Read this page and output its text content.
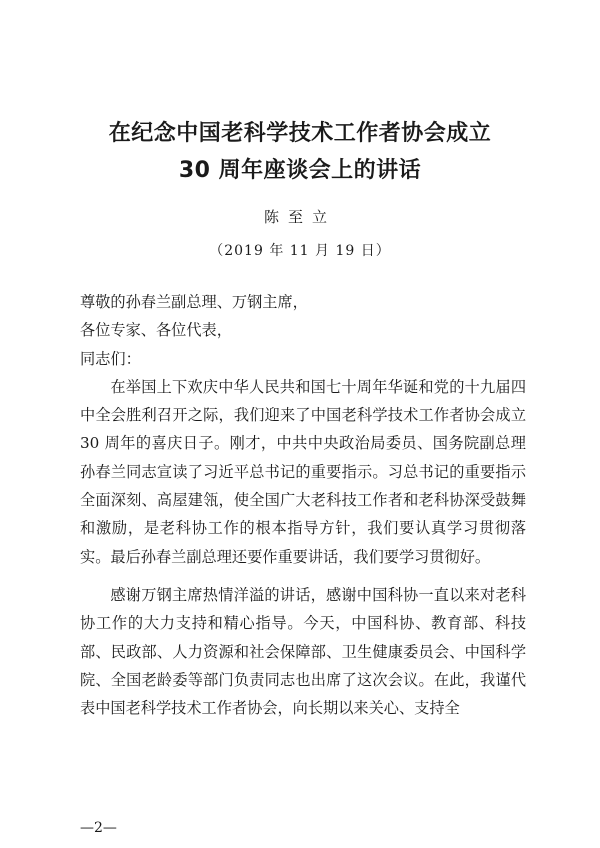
在纪念中国老科学技术工作者协会成立
30 周年座谈会上的讲话
陈至立
（2019 年 11 月 19 日）
尊敬的孙春兰副总理、万钢主席，
各位专家、各位代表，
同志们：

在举国上下欢庆中华人民共和国七十周年华诞和党的十九届四中全会胜利召开之际，我们迎来了中国老科学技术工作者协会成立 30 周年的喜庆日子。刚才，中共中央政治局委员、国务院副总理孙春兰同志宣读了习近平总书记的重要指示。习总书记的重要指示全面深刻、高屋建瓴，使全国广大老科技工作者和老科协深受鼓舞和激励，是老科协工作的根本指导方针，我们要认真学习贯彻落实。最后孙春兰副总理还要作重要讲话，我们要学习贯彻好。

感谢万钢主席热情洋溢的讲话，感谢中国科协一直以来对老科协工作的大力支持和精心指导。今天，中国科协、教育部、科技部、民政部、人力资源和社会保障部、卫生健康委员会、中国科学院、全国老龄委等部门负责同志也出席了这次会议。在此，我谨代表中国老科学技术工作者协会，向长期以来关心、支持全

—2—
